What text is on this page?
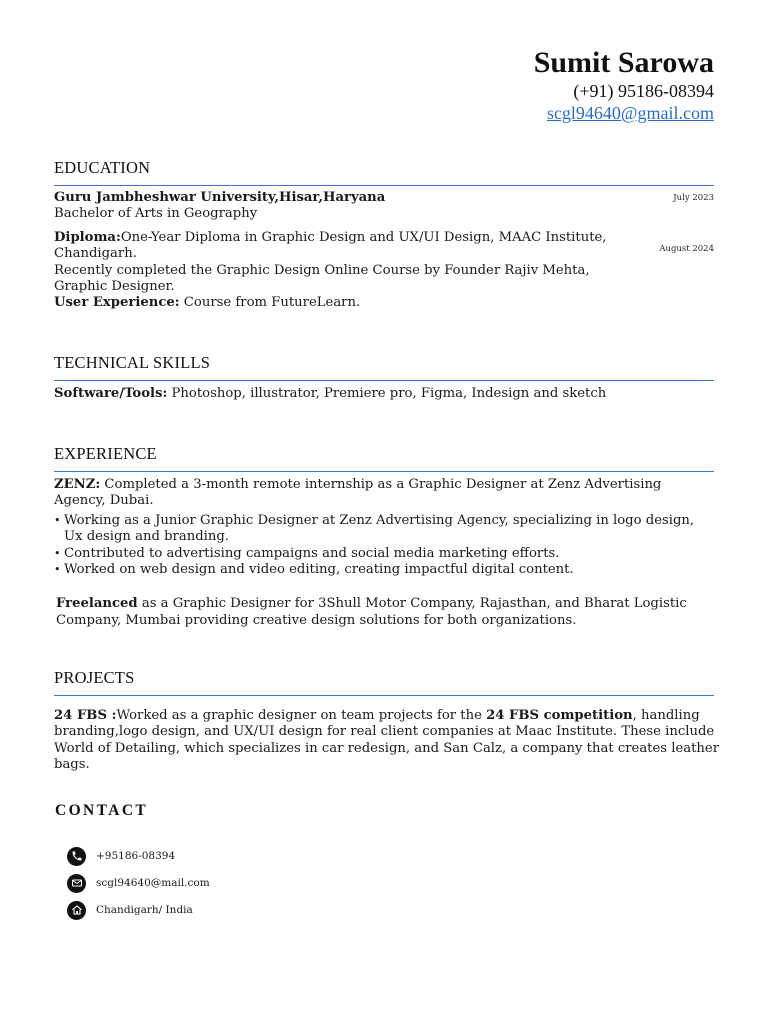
Sumit Sarowa
(+91) 95186-08394
scgl94640@gmail.com
EDUCATION
Guru Jambheshwar University,Hisar,Haryana	July 2023
Bachelor of Arts in Geography
Diploma:One-Year Diploma in Graphic Design and UX/UI Design, MAAC Institute, Chandigarh.	August 2024
Recently completed the Graphic Design Online Course by Founder Rajiv Mehta, Graphic Designer.
User Experience: Course from FutureLearn.
TECHNICAL SKILLS
Software/Tools: Photoshop, illustrator, Premiere pro, Figma, Indesign and sketch
EXPERIENCE
ZENZ: Completed a 3-month remote internship as a Graphic Designer at Zenz Advertising Agency, Dubai.
• Working as a Junior Graphic Designer at Zenz Advertising Agency, specializing in logo design, Ux design and branding.
• Contributed to advertising campaigns and social media marketing efforts.
• Worked on web design and video editing, creating impactful digital content.
Freelanced as a Graphic Designer for 3Shull Motor Company, Rajasthan, and Bharat Logistic Company, Mumbai providing creative design solutions for both organizations.
PROJECTS
24 FBS :Worked as a graphic designer on team projects for the 24 FBS competition, handling branding,logo design, and UX/UI design for real client companies at Maac Institute. These include World of Detailing, which specializes in car redesign, and San Calz, a company that creates leather bags.
CONTACT
+95186-08394
scgl94640@mail.com
Chandigarh/ India
